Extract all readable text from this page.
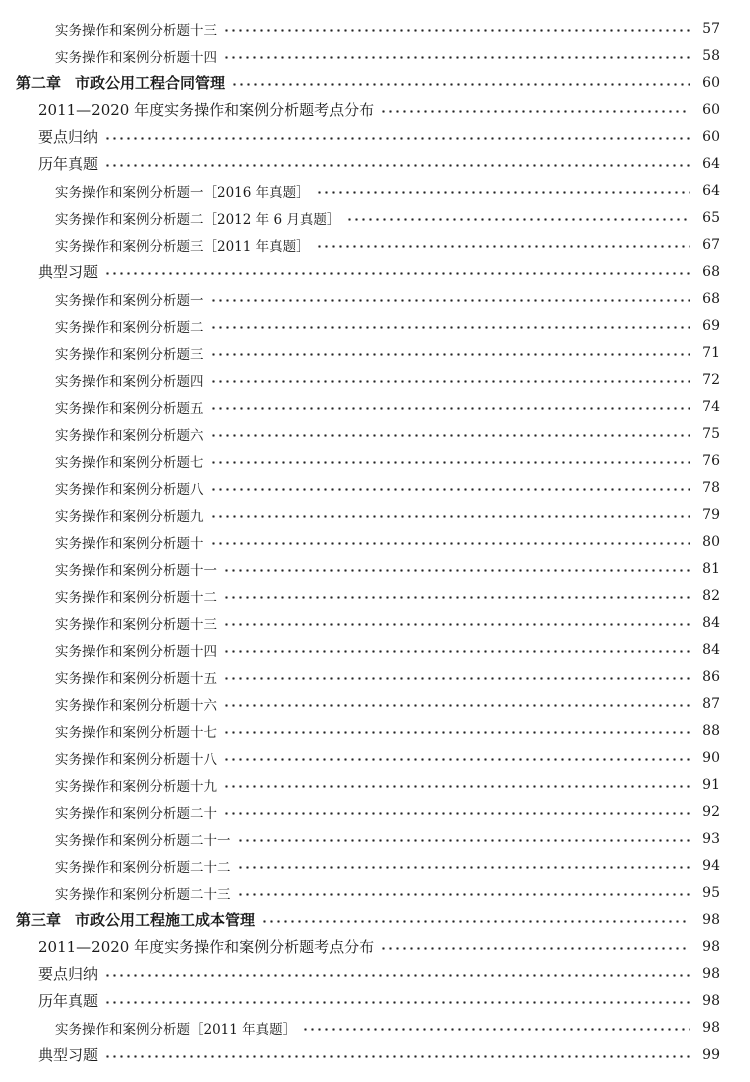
实务操作和案例分析题十三	57
实务操作和案例分析题十四	58
第二章 市政公用工程合同管理	60
2011—2020 年度实务操作和案例分析题考点分布	60
要点归纳	60
历年真题	64
实务操作和案例分析题一［2016 年真题］	64
实务操作和案例分析题二［2012 年 6 月真题］	65
实务操作和案例分析题三［2011 年真题］	67
典型习题	68
实务操作和案例分析题一	68
实务操作和案例分析题二	69
实务操作和案例分析题三	71
实务操作和案例分析题四	72
实务操作和案例分析题五	74
实务操作和案例分析题六	75
实务操作和案例分析题七	76
实务操作和案例分析题八	78
实务操作和案例分析题九	79
实务操作和案例分析题十	80
实务操作和案例分析题十一	81
实务操作和案例分析题十二	82
实务操作和案例分析题十三	84
实务操作和案例分析题十四	84
实务操作和案例分析题十五	86
实务操作和案例分析题十六	87
实务操作和案例分析题十七	88
实务操作和案例分析题十八	90
实务操作和案例分析题十九	91
实务操作和案例分析题二十	92
实务操作和案例分析题二十一	93
实务操作和案例分析题二十二	94
实务操作和案例分析题二十三	95
第三章 市政公用工程施工成本管理	98
2011—2020 年度实务操作和案例分析题考点分布	98
要点归纳	98
历年真题	98
实务操作和案例分析题［2011 年真题］	98
典型习题	99
